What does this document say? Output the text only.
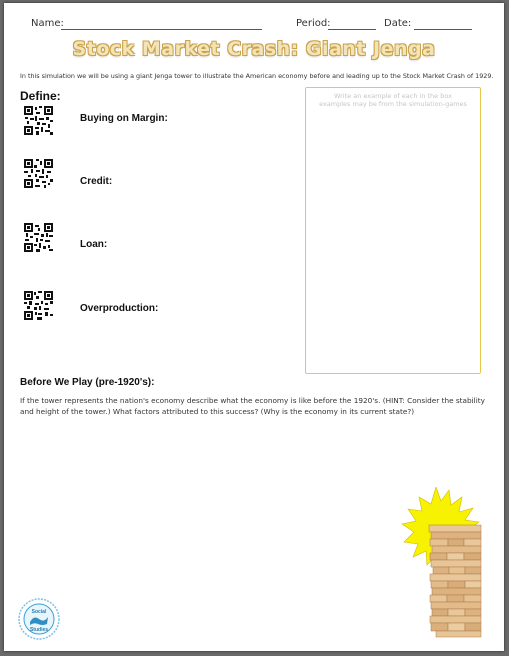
Name:	Period:	Date:
Stock Market Crash: Giant Jenga
In this simulation we will be using a giant Jenga tower to illustrate the American economy before and leading up to the Stock Market Crash of 1929.
Define:
Buying on Margin:
Credit:
Loan:
Overproduction:
Write an example of each in the box
examples may be from the simulation-games
Before We Play (pre-1920's):
If the tower represents the nation's economy describe what the economy is like before the 1920's. (HINT: Consider the stability and height of the tower.) What factors attributed to this success? (Why is the economy in its current state?)
Social
Studies
